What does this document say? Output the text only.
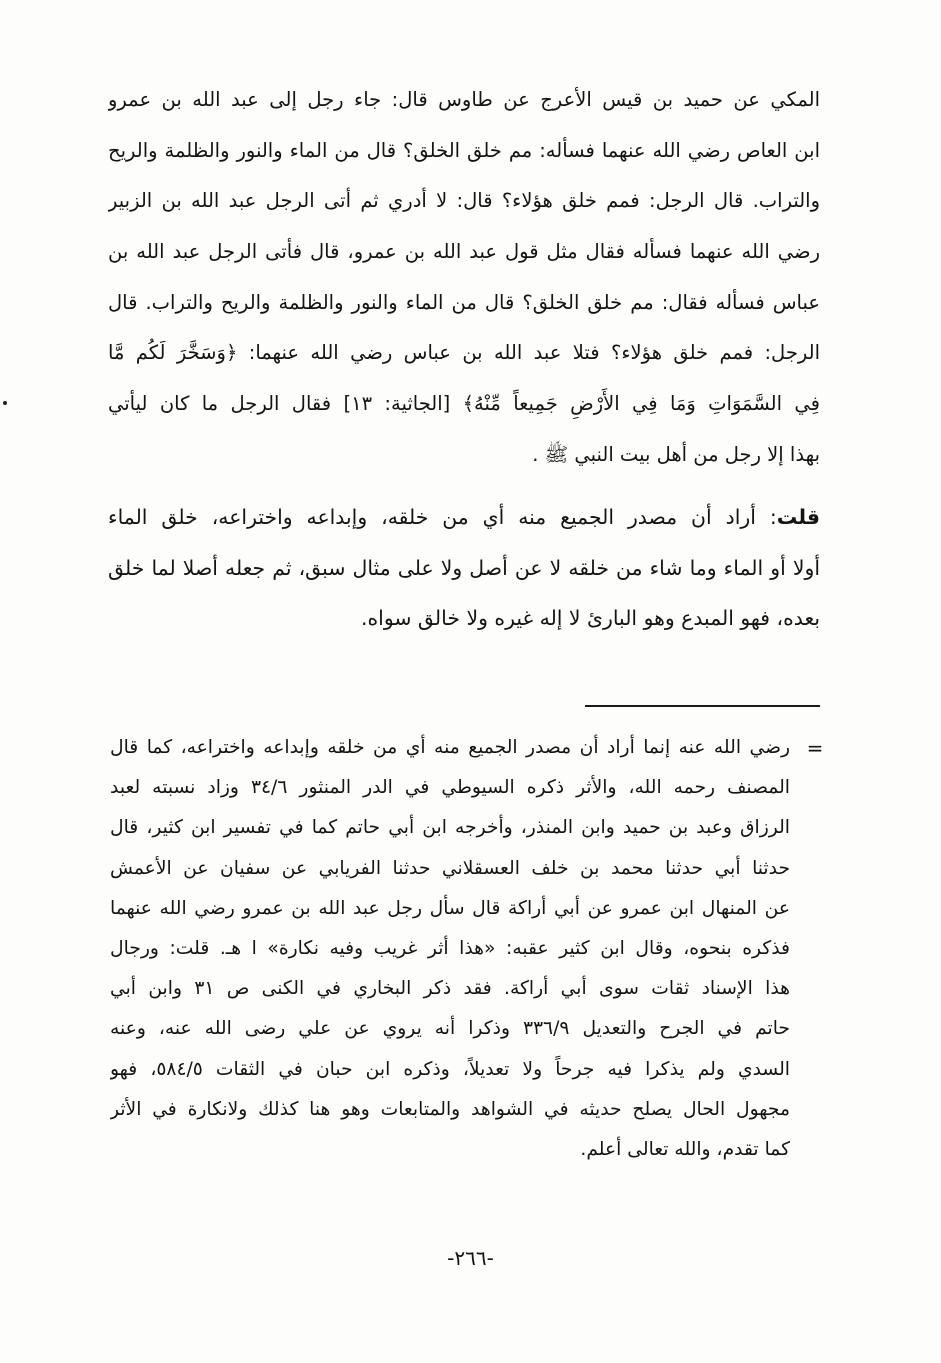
المكي عن حميد بن قيس الأعرج عن طاوس قال: جاء رجل إلى عبد الله بن عمرو
ابن العاص رضي الله عنهما فسأله: مم خلق الخلق؟ قال من الماء والنور والظلمة والريح
والتراب. قال الرجل: فمم خلق هؤلاء؟ قال: لا أدري ثم أتى الرجل عبد الله بن الزبير
رضي الله عنهما فسأله فقال مثل قول عبد الله بن عمرو، قال فأتى الرجل عبد الله بن
عباس فسأله فقال: مم خلق الخلق؟ قال من الماء والنور والظلمة والريح والتراب. قال
الرجل: فمم خلق هؤلاء؟ فتلا عبد الله بن عباس رضي الله عنهما: ﴿وَسَخَّرَ لَكُم مَّا
فِي السَّمَوَاتِ وَمَا فِي الأَرْضِ جَمِيعاً مِّنْهُ﴾ [الجاثية: ١٣] فقال الرجل ما كان ليأتي
بهذا إلا رجل من أهل بيت النبي ﷺ .
قلت: أراد أن مصدر الجميع منه أي من خلقه، وإبداعه واختراعه، خلق الماء
أولا أو الماء وما شاء من خلقه لا عن أصل ولا على مثال سبق، ثم جعله أصلا لما خلق
بعده، فهو المبدع وهو البارئ لا إله غيره ولا خالق سواه.
=
رضي الله عنه إنما أراد أن مصدر الجميع منه أي من خلقه وإبداعه واختراعه، كما قال
المصنف رحمه الله، والأثر ذكره السيوطي في الدر المنثور ٣٤/٦ وزاد نسبته لعبد
الرزاق وعبد بن حميد وابن المنذر، وأخرجه ابن أبي حاتم كما في تفسير ابن كثير، قال
حدثنا أبي حدثنا محمد بن خلف العسقلاني حدثنا الفريابي عن سفيان عن الأعمش
عن المنهال ابن عمرو عن أبي أراكة قال سأل رجل عبد الله بن عمرو رضي الله عنهما
فذكره بنحوه، وقال ابن كثير عقبه: «هذا أثر غريب وفيه نكارة» ا هـ. قلت: ورجال
هذا الإسناد ثقات سوى أبي أراكة. فقد ذكر البخاري في الكنى ص ٣١ وابن أبي
حاتم في الجرح والتعديل ٣٣٦/٩ وذكرا أنه يروي عن علي رضى الله عنه، وعنه
السدي ولم يذكرا فيه جرحاً ولا تعديلاً، وذكره ابن حبان في الثقات ٥٨٤/٥، فهو
مجهول الحال يصلح حديثه في الشواهد والمتابعات وهو هنا كذلك ولانكارة في الأثر
كما تقدم، والله تعالى أعلم.
-٢٦٦-
